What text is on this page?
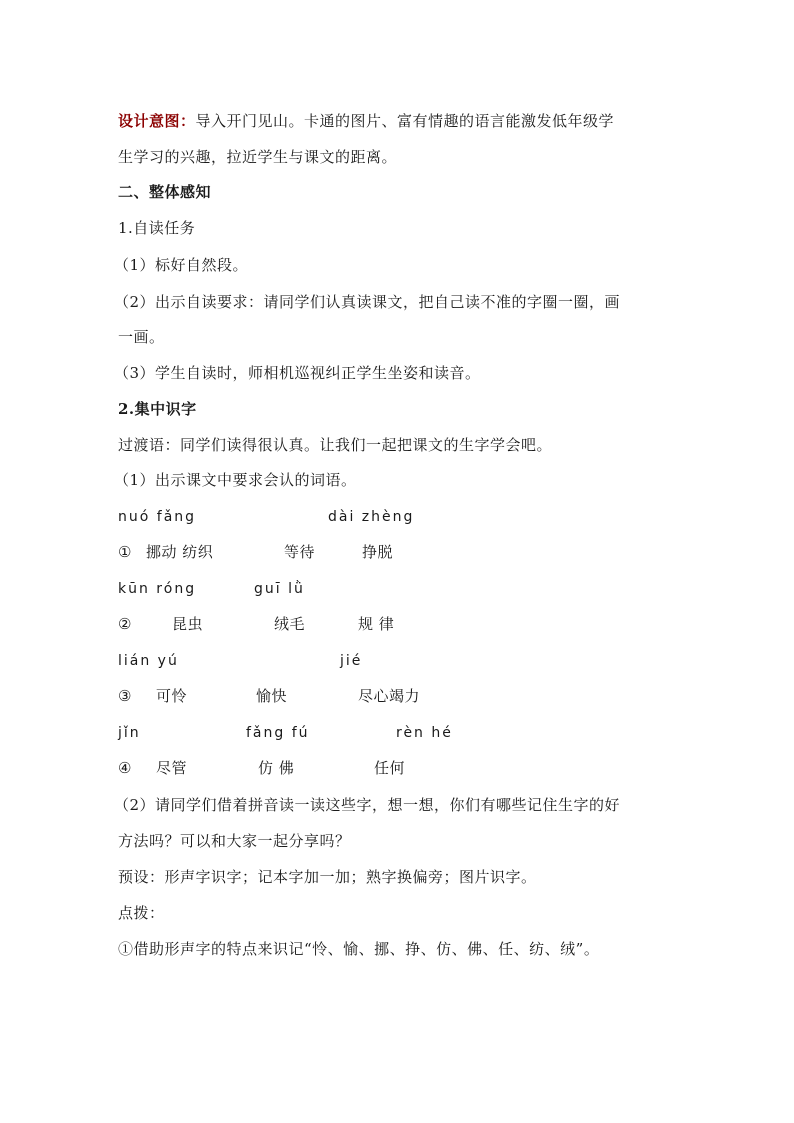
设计意图：导入开门见山。卡通的图片、富有情趣的语言能激发低年级学
生学习的兴趣，拉近学生与课文的距离。
二、整体感知
1.自读任务
（1）标好自然段。
（2）出示自读要求：请同学们认真读课文，把自己读不准的字圈一圈，画
一画。
（3）学生自读时，师相机巡视纠正学生坐姿和读音。
2.集中识字
过渡语：同学们读得很认真。让我们一起把课文的生字学会吧。
（1）出示课文中要求会认的词语。
nuó fǎng	dài zhèng
① 挪动 纺织	等待	挣脱
kūn róng	guī lǜ
②	昆虫	绒毛	规 律
lián yú	jié
③ 可怜	愉快	尽心竭力
jǐn	fǎng fú	rèn hé
④ 尽管	仿 佛	任何
（2）请同学们借着拼音读一读这些字，想一想，你们有哪些记住生字的好
方法吗？可以和大家一起分享吗？
预设：形声字识字；记本字加一加；熟字换偏旁；图片识字。
点拨：
①借助形声字的特点来识记“怜、愉、挪、挣、仿、佛、任、纺、绒”。
